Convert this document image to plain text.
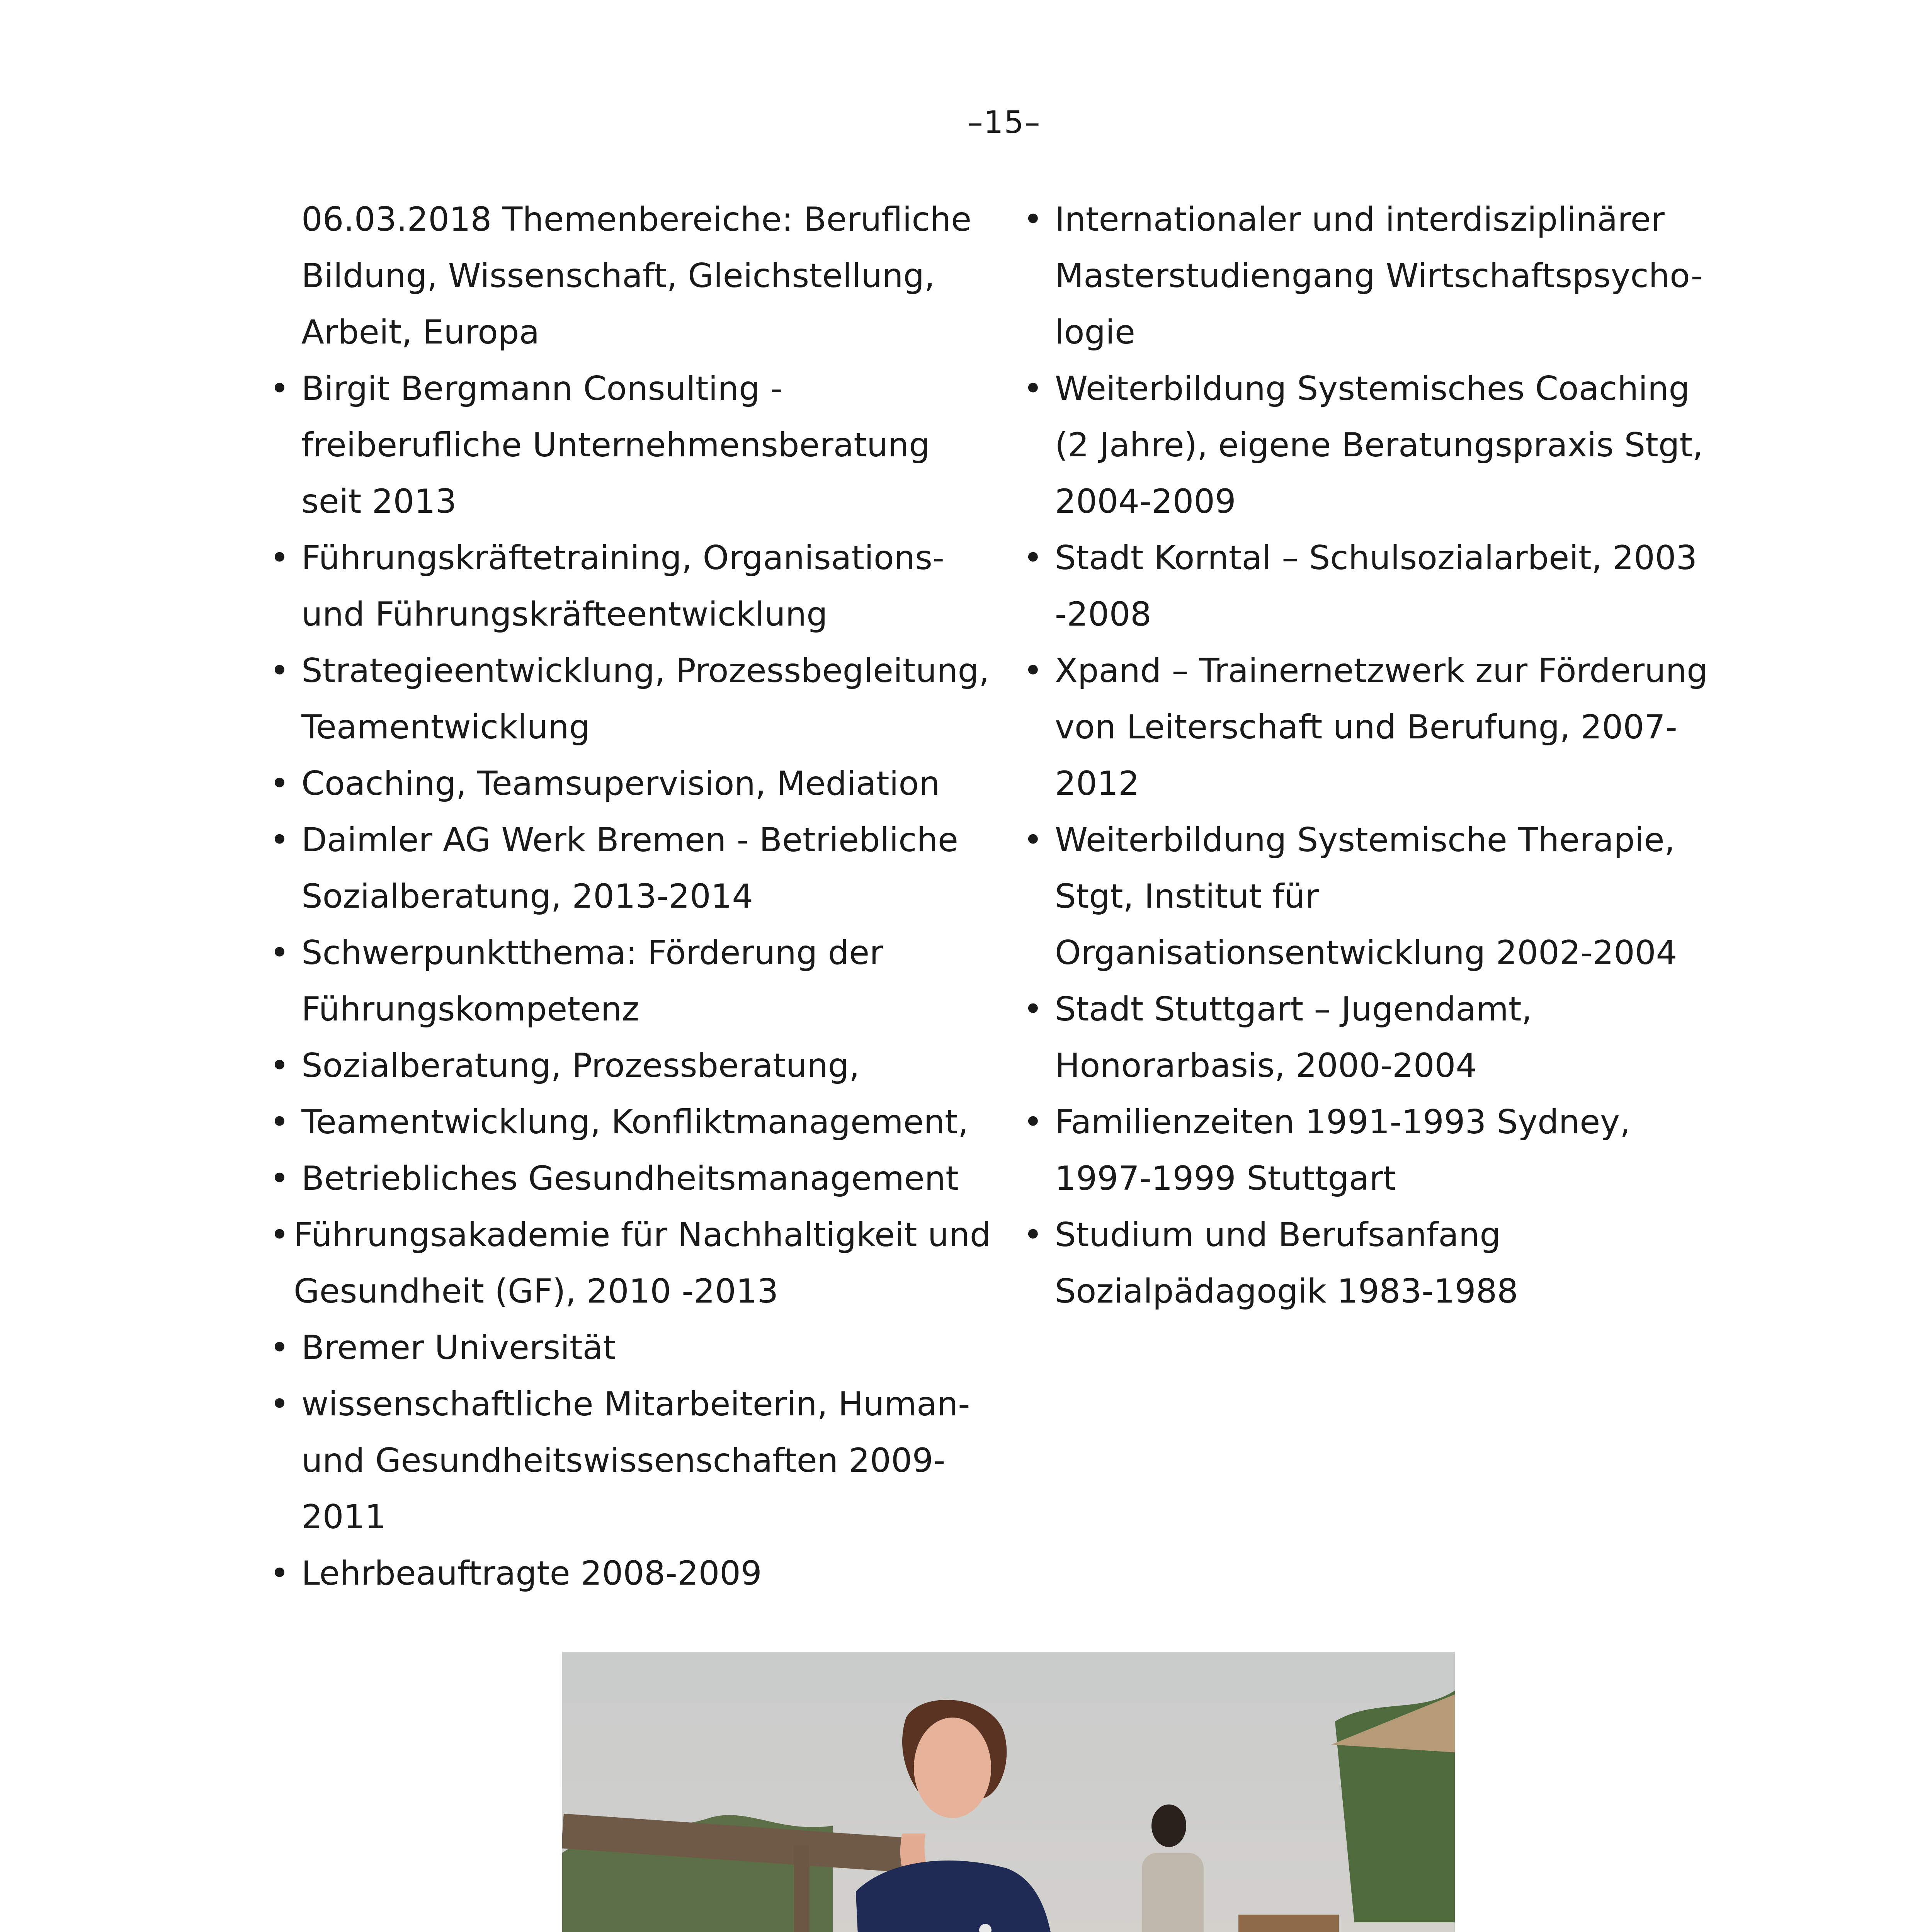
–15–
06.03.2018 Themenbereiche: Berufliche Bildung, Wissenschaft, Gleichstellung, Arbeit, Europa
• Birgit Bergmann Consulting - freiberufliche Unternehmensberatung seit 2013
• Führungskräftetraining, Organisations- und Führungskräfteentwicklung
• Strategieentwicklung, Prozessbegleitung, Teamentwicklung
• Coaching, Teamsupervision, Mediation
• Daimler AG Werk Bremen - Betriebliche Sozialberatung, 2013-2014
• Schwerpunktthema: Förderung der Führungskompetenz
• Sozialberatung, Prozessberatung,
• Teamentwicklung, Konfliktmanagement,
• Betriebliches Gesundheitsmanagement
• Führungsakademie für Nachhaltigkeit und Gesundheit (GF), 2010 -2013
• Bremer Universität
• wissenschaftliche Mitarbeiterin, Human- und Gesundheitswissenschaften 2009-2011
• Lehrbeauftragte 2008-2009
• Internationaler und interdisziplinärer Masterstudiengang Wirtschaftspsycho-logie
• Weiterbildung Systemisches Coaching (2 Jahre), eigene Beratungspraxis Stgt, 2004-2009
• Stadt Korntal – Schulsozialarbeit, 2003 -2008
• Xpand – Trainernetzwerk zur Förderung von Leiterschaft und Berufung, 2007-2012
• Weiterbildung Systemische Therapie, Stgt, Institut für Organisationsentwicklung 2002-2004
• Stadt Stuttgart – Jugendamt, Honorarbasis, 2000-2004
• Familienzeiten 1991-1993 Sydney, 1997-1999 Stuttgart
• Studium und Berufsanfang Sozialpädagogik 1983-1988
